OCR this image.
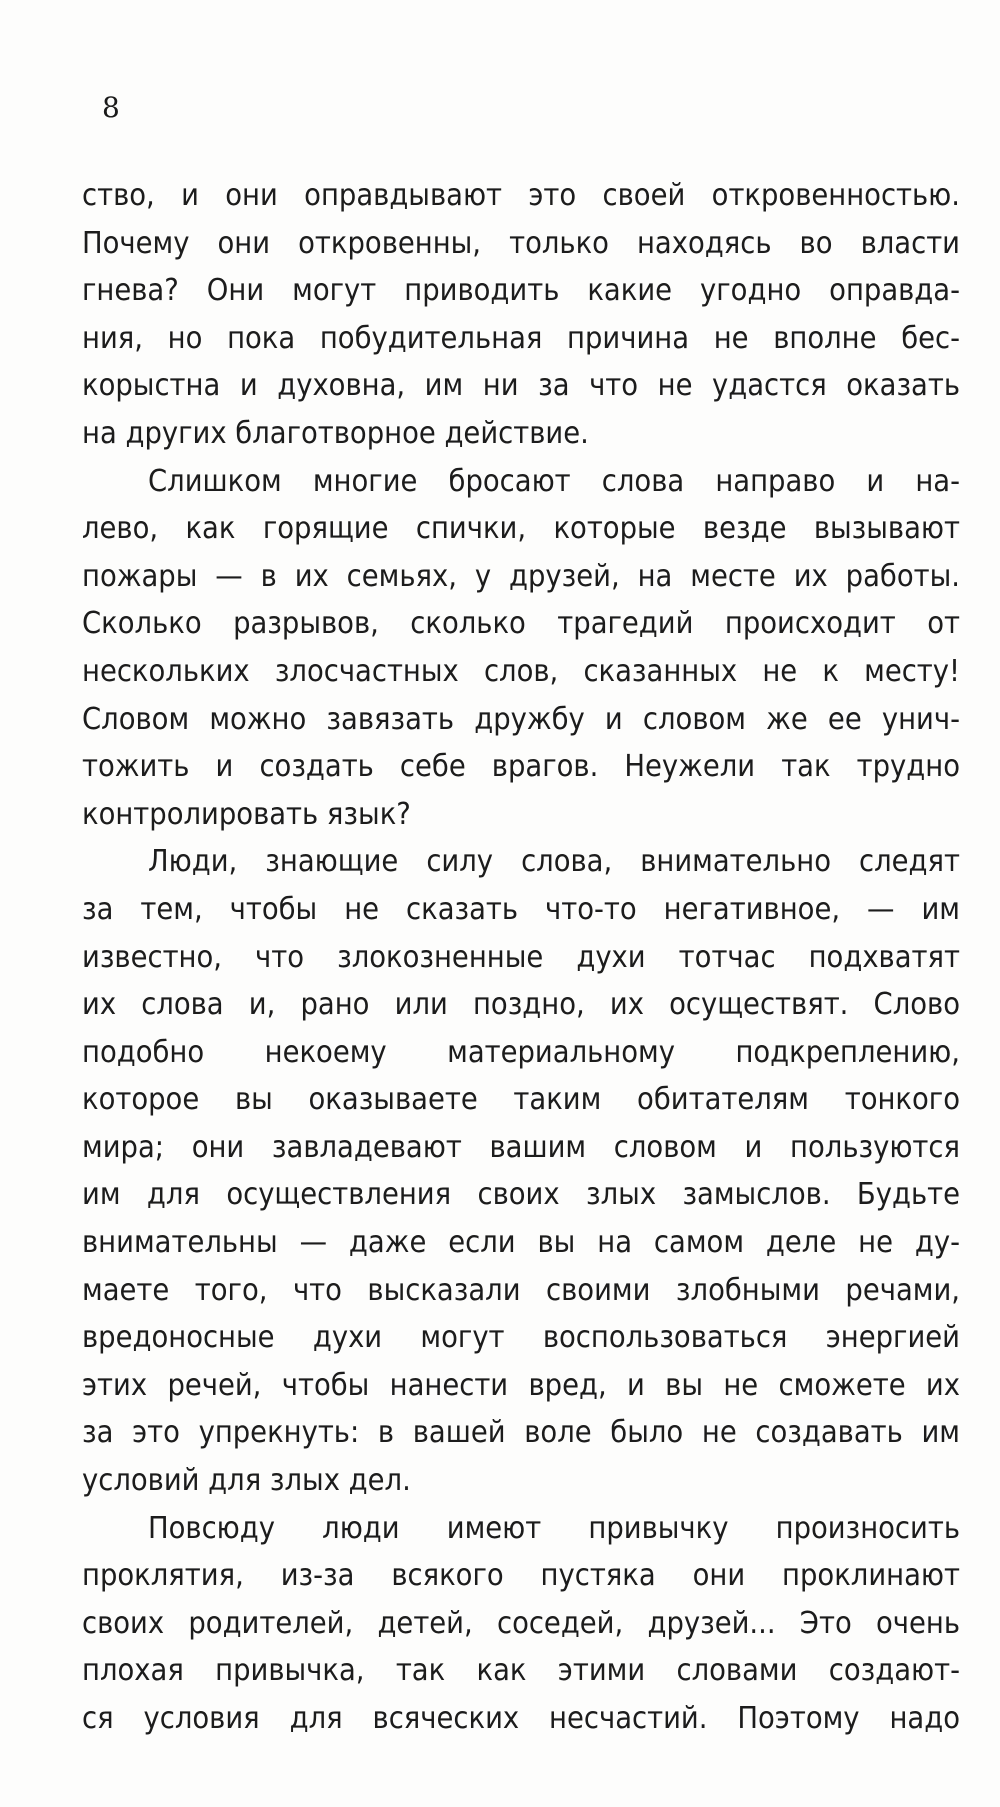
8
ство, и они оправдывают это своей откровенностью.
Почему они откровенны, только находясь во власти
гнева? Они могут приводить какие угодно оправда-
ния, но пока побудительная причина не вполне бес-
корыстна и духовна, им ни за что не удастся оказать
на других благотворное действие.
Слишком многие бросают слова направо и на-
лево, как горящие спички, которые везде вызывают
пожары — в их семьях, у друзей, на месте их работы.
Сколько разрывов, сколько трагедий происходит от
нескольких злосчастных слов, сказанных не к месту!
Словом можно завязать дружбу и словом же ее унич-
тожить и создать себе врагов. Неужели так трудно
контролировать язык?
Люди, знающие силу слова, внимательно следят
за тем, чтобы не сказать что-то негативное, — им
известно, что злокозненные духи тотчас подхватят
их слова и, рано или поздно, их осуществят. Слово
подобно некоему материальному подкреплению,
которое вы оказываете таким обитателям тонкого
мира; они завладевают вашим словом и пользуются
им для осуществления своих злых замыслов. Будьте
внимательны — даже если вы на самом деле не ду-
маете того, что высказали своими злобными речами,
вредоносные духи могут воспользоваться энергией
этих речей, чтобы нанести вред, и вы не сможете их
за это упрекнуть: в вашей воле было не создавать им
условий для злых дел.
Повсюду люди имеют привычку произносить
проклятия, из-за всякого пустяка они проклинают
своих родителей, детей, соседей, друзей... Это очень
плохая привычка, так как этими словами создают-
ся условия для всяческих несчастий. Поэтому надо
